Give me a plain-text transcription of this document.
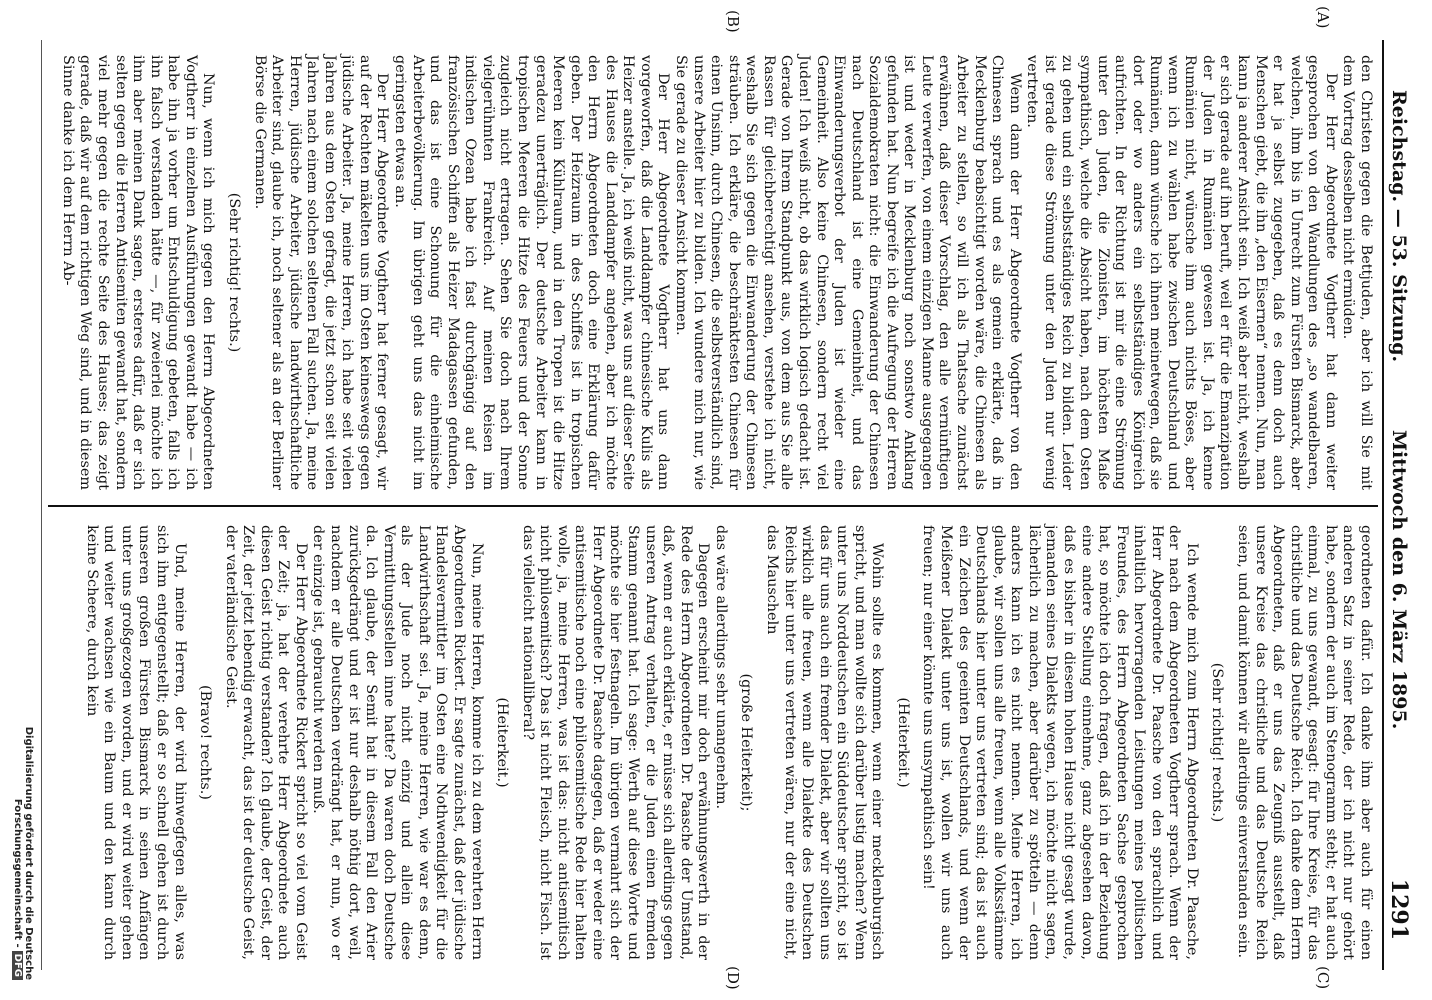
Reichstag. — 53. Sitzung.
Mittwoch den 6. März 1895.
1291
(A)
(B)
(C)
(D)

den Christen gegen die Bettjuden, aber ich will Sie mit dem Vortrag desselben nicht ermüden.

Der Herr Abgeordnete Vogtherr hat dann weiter gesprochen von den Wandlungen des „so wandelbaren, welchen, ihm bis in Unrecht zum Fürsten Bismarck, aber er hat ja selbst zugegeben, daß es denn doch auch Menschen giebt, die ihn „den Eisernen“ nennen. Nun, man kann ja anderer Ansicht sein. Ich weiß aber nicht, weshalb er sich gerade auf ihn beruft, weil er für die Emanzipation der Juden in Rumänien gewesen ist. Ja, ich kenne Rumänien nicht, wünsche ihm auch nichts Böses, aber wenn ich zu wählen habe zwischen Deutschland und Rumänien, dann wünsche ich ihnen meinetwegen, daß sie dort oder wo anders ein selbstständiges Königreich aufrichten. In der Richtung ist mir die eine Strömung unter den Juden, die Zionisten, im höchsten Maße sympathisch, welche die Absicht haben, nach dem Osten zu gehen und ein selbstständiges Reich zu bilden. Leider ist gerade diese Strömung unter den Juden nur wenig vertreten.

Wenn dann der Herr Abgeordnete Vogtherr von den Chinesen sprach und es als gemein erklärte, daß in Mecklenburg beabsichtigt worden wäre, die Chinesen als Arbeiter zu stellen, so will ich als Thatsache zunächst erwähnen, daß dieser Vorschlag, den alle vernünftigen Leute verwerfen, von einem einzigen Manne ausgegangen ist und weder in Mecklenburg noch sonstwo Anklang gefunden hat. Nun begreife ich die Aufregung der Herren Sozialdemokraten nicht: die Einwanderung der Chinesen nach Deutschland ist eine Gemeinheit, und das Einwanderungsverbot der Juden ist wieder eine Gemeinheit. Also keine Chinesen, sondern recht viel Juden! Ich weiß nicht, ob das wirklich logisch gedacht ist. Gerade von Ihrem Standpunkt aus, von dem aus Sie alle Rassen für gleichberechtigt ansehen, verstehe ich nicht, weshalb Sie sich gegen die Einwanderung der Chinesen sträuben. Ich erkläre, die beschränktesten Chinesen für einen Unsinn, durch Chinesen, die selbstverständlich sind, unsere Arbeiter hier zu bilden. Ich wundere mich nur, wie Sie gerade zu dieser Ansicht kommen.

Der Herr Abgeordnete Vogtherr hat uns dann vorgeworfen, daß die Landdampfer chinesische Kulis als Heizer anstelle. Ja, ich weiß nicht, was uns auf dieser Seite des Hauses die Landdampfer angehen, aber ich möchte den Herrn Abgeordneten doch eine Erklärung dafür geben. Der Heizraum in des Schiffes ist in tropischen Meeren kein Kühlraum, und in den Tropen ist die Hitze geradezu unerträglich. Der deutsche Arbeiter kann in tropischen Meeren die Hitze des Feuers und der Sonne zugleich nicht ertragen. Sehen Sie doch nach Ihrem vielgerühmten Frankreich. Auf meinen Reisen im indischen Ozean habe ich fast durchgängig auf den französischen Schiffen als Heizer Madagassen gefunden, und das ist eine Schonung für die einheimische Arbeiterbevölkerung. Im übrigen geht uns das nicht im geringsten etwas an.

Der Herr Abgeordnete Vogtherr hat ferner gesagt, wir auf der Rechten mäkelten uns im Osten keineswegs gegen jüdische Arbeiter. Ja, meine Herren, ich habe seit vielen Jahren aus dem Osten gefragt, die jetzt schon seit vielen Jahren nach einem solchen seltenen Fall suchen. Ja, meine Herren, jüdische Arbeiter, jüdische landwirthschaftliche Arbeiter sind, glaube ich, noch seltener als an der Berliner Börse die Germanen.

(Sehr richtig! rechts.)

Nun, wenn ich mich gegen den Herrn Abgeordneten Vogtherr in einzelnen Ausführungen gewandt habe — ich habe ihn ja vorher um Entschuldigung gebeten, falls ich ihn falsch verstanden hätte —, für zweierlei möchte ich ihm aber meinen Dank sagen, ersteres dafür, daß er sich selten gegen die Herren Antisemiten gewandt hat, sondern viel mehr gegen die rechte Seite des Hauses; das zeigt gerade, daß wir auf dem richtigen Weg sind, und in diesem Sinne danke ich dem Herrn Ab-

geordneten dafür. Ich danke ihm aber auch für einen anderen Satz in seiner Rede, der ich nicht nur gehört habe, sondern der auch im Stenogramm steht; er hat auch einmal, zu uns gewandt, gesagt: für Ihre Kreise, für das christliche und das Deutsche Reich. Ich danke dem Herrn Abgeordneten, daß er uns das Zeugniß ausstellt, daß unsere Kreise das christliche und das Deutsche Reich seien, und damit können wir allerdings einverstanden sein.

(Sehr richtig! rechts.)

Ich wende mich zum Herrn Abgeordneten Dr. Paasche, der nach dem Abgeordneten Vogtherr sprach. Wenn der Herr Abgeordnete Dr. Paasche von den sprachlich und inhaltlich hervorragenden Leistungen meines politischen Freundes, des Herrn Abgeordneten Sachse gesprochen hat, so möchte ich doch fragen, daß ich in der Beziehung eine andere Stellung einnehme, ganz abgesehen davon, daß es bisher in diesem hohen Hause nicht gesagt wurde, jemanden seines Dialekts wegen, ich möchte nicht sagen, lächerlich zu machen, aber darüber zu spötteln — denn anders kann ich es nicht nennen. Meine Herren, ich glaube, wir sollen uns alle freuen, wenn alle Volksstämme Deutschlands hier unter uns vertreten sind; das ist auch ein Zeichen des geeinten Deutschlands, und wenn der Meißener Dialekt unter uns ist, wollen wir uns auch freuen; nur einer könnte uns unsympathisch sein!

(Heiterkeit.)

Wohin sollte es kommen, wenn einer mecklenburgisch spricht, und man wollte sich darüber lustig machen? Wenn unter uns Norddeutschen ein Süddeutscher spricht, so ist das für uns auch ein fremder Dialekt, aber wir sollten uns wirklich alle freuen, wenn alle Dialekte des Deutschen Reichs hier unter uns vertreten wären, nur der eine nicht, das Mauscheln

(große Heiterkeit);

das wäre allerdings sehr unangenehm.

Dagegen erscheint mir doch erwähnungswerth in der Rede des Herrn Abgeordneten Dr. Paasche der Umstand, daß, wenn er auch erklärte, er müsse sich allerdings gegen unseren Antrag verhalten, er die Juden einen fremden Stamm genannt hat. Ich sage: Werth auf diese Worte und möchte sie hier festnageln. Im übrigen vermahrt sich der Herr Abgeordnete Dr. Paasche dagegen, daß er weder eine antisemitische noch eine philosemitische Rede hier halten wolle, ja, meine Herren, was ist das: nicht antisemitisch nicht philosemitisch? Das ist nicht Fleisch, nicht Fisch. Ist das vielleicht nationalliberal?

(Heiterkeit.)

Nun, meine Herren, komme ich zu dem verehrten Herrn Abgeordneten Rickert. Er sagte zunächst, daß der jüdische Handelsvermittler im Osten eine Nothwendigkeit für die Landwirthschaft sei. Ja, meine Herren, wie war es denn, als der Jude noch nicht einzig und allein diese Vermittlungsstellen inne hatte? Da waren doch Deutsche da. Ich glaube, der Semit hat in diesem Fall den Arier zurückgedrängt und er ist nur deshalb nöthig dort, weil, nachdem er alle Deutschen verdrängt hat, er nun, wo er der einzige ist, gebraucht werden muß.

Der Herr Abgeordnete Rickert spricht so viel vom Geist der Zeit; ja, hat der verehrte Herr Abgeordnete auch diesen Geist richtig verstanden? Ich glaube, der Geist, der Zeit, der jetzt lebendig erwacht, das ist der deutsche Geist, der vaterländische Geist.

(Bravo! rechts.)

Und, meine Herren, der wird hinwegfegen alles, was sich ihm entgegenstellt; daß er so schnell gehen ist durch unseren großen Fürsten Bismarck in seinen Anfängen unter uns großgezogen worden, und er wird weiter gehen und weiter wachsen wie ein Baum und den kann durch keine Scheere, durch kein

Digitalisierung gefördert durch die Deutsche Forschungsgemeinschaft -DFG
